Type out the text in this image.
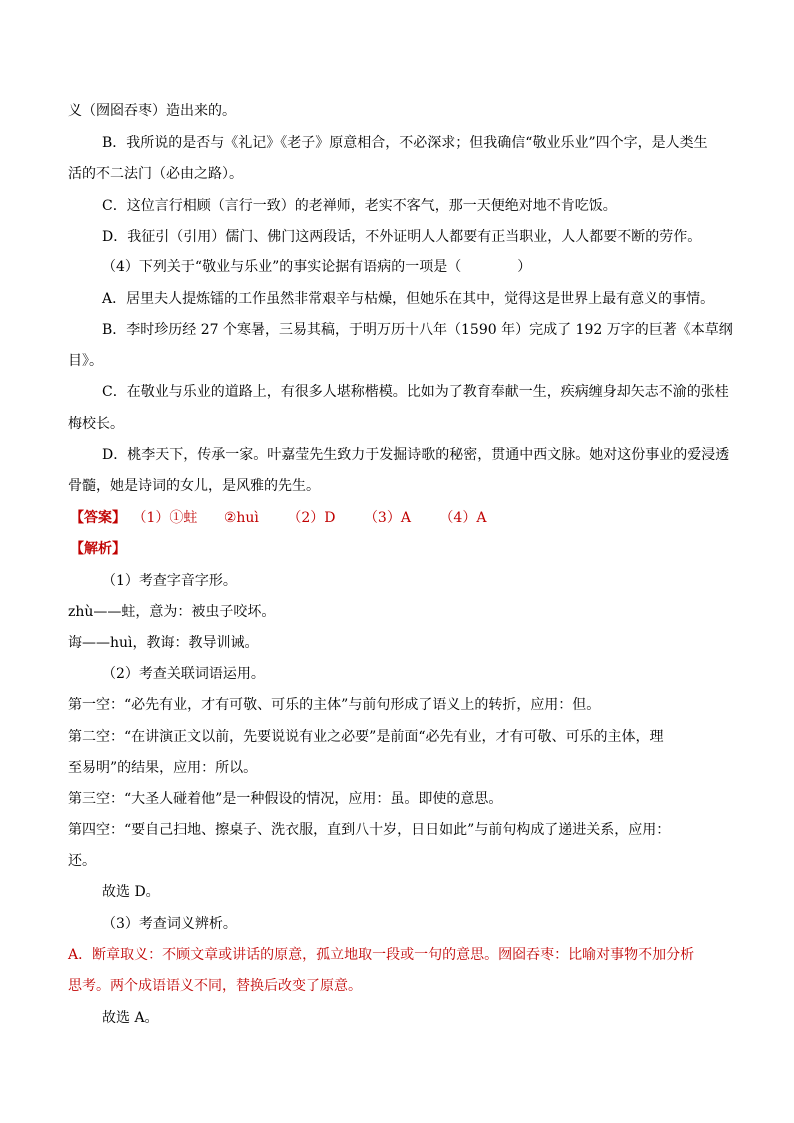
义（囫囵吞枣）造出来的。
B．我所说的是否与《礼记》《老子》原意相合，不必深求；但我确信“敬业乐业”四个字，是人类生
活的不二法门（必由之路）。
C．这位言行相顾（言行一致）的老禅师，老实不客气，那一天便绝对地不肯吃饭。
D．我征引（引用）儒门、佛门这两段话，不外证明人人都要有正当职业，人人都要不断的劳作。
（4）下列关于“敬业与乐业”的事实论据有语病的一项是（　　　　）
A．居里夫人提炼镭的工作虽然非常艰辛与枯燥，但她乐在其中，觉得这是世界上最有意义的事情。
B．李时珍历经 27 个寒暑，三易其稿，于明万历十八年（1590 年）完成了 192 万字的巨著《本草纲
目》。
C．在敬业与乐业的道路上，有很多人堪称楷模。比如为了教育奉献一生，疾病缠身却矢志不渝的张桂
梅校长。
D．桃李天下，传承一家。叶嘉莹先生致力于发掘诗歌的秘密，贯通中西文脉。她对这份事业的爱浸透
骨髓，她是诗词的女儿，是风雅的先生。
【答案】 （1）①蛀 ②huì （2）D （3）A （4）A
【解析】
（1）考查字音字形。
zhù——蛀，意为：被虫子咬坏。
诲——huì，教诲：教导训诫。
（2）考查关联词语运用。
第一空：“必先有业，才有可敬、可乐的主体”与前句形成了语义上的转折，应用：但。
第二空：“在讲演正文以前，先要说说有业之必要”是前面“必先有业，才有可敬、可乐的主体，理
至易明”的结果，应用：所以。
第三空：“大圣人碰着他”是一种假设的情况，应用：虽。即使的意思。
第四空：“要自己扫地、擦桌子、洗衣服，直到八十岁，日日如此”与前句构成了递进关系，应用：
还。
故选 D。
（3）考查词义辨析。
A．断章取义：不顾文章或讲话的原意，孤立地取一段或一句的意思。囫囵吞枣：比喻对事物不加分析
思考。两个成语语义不同，替换后改变了原意。
故选 A。
